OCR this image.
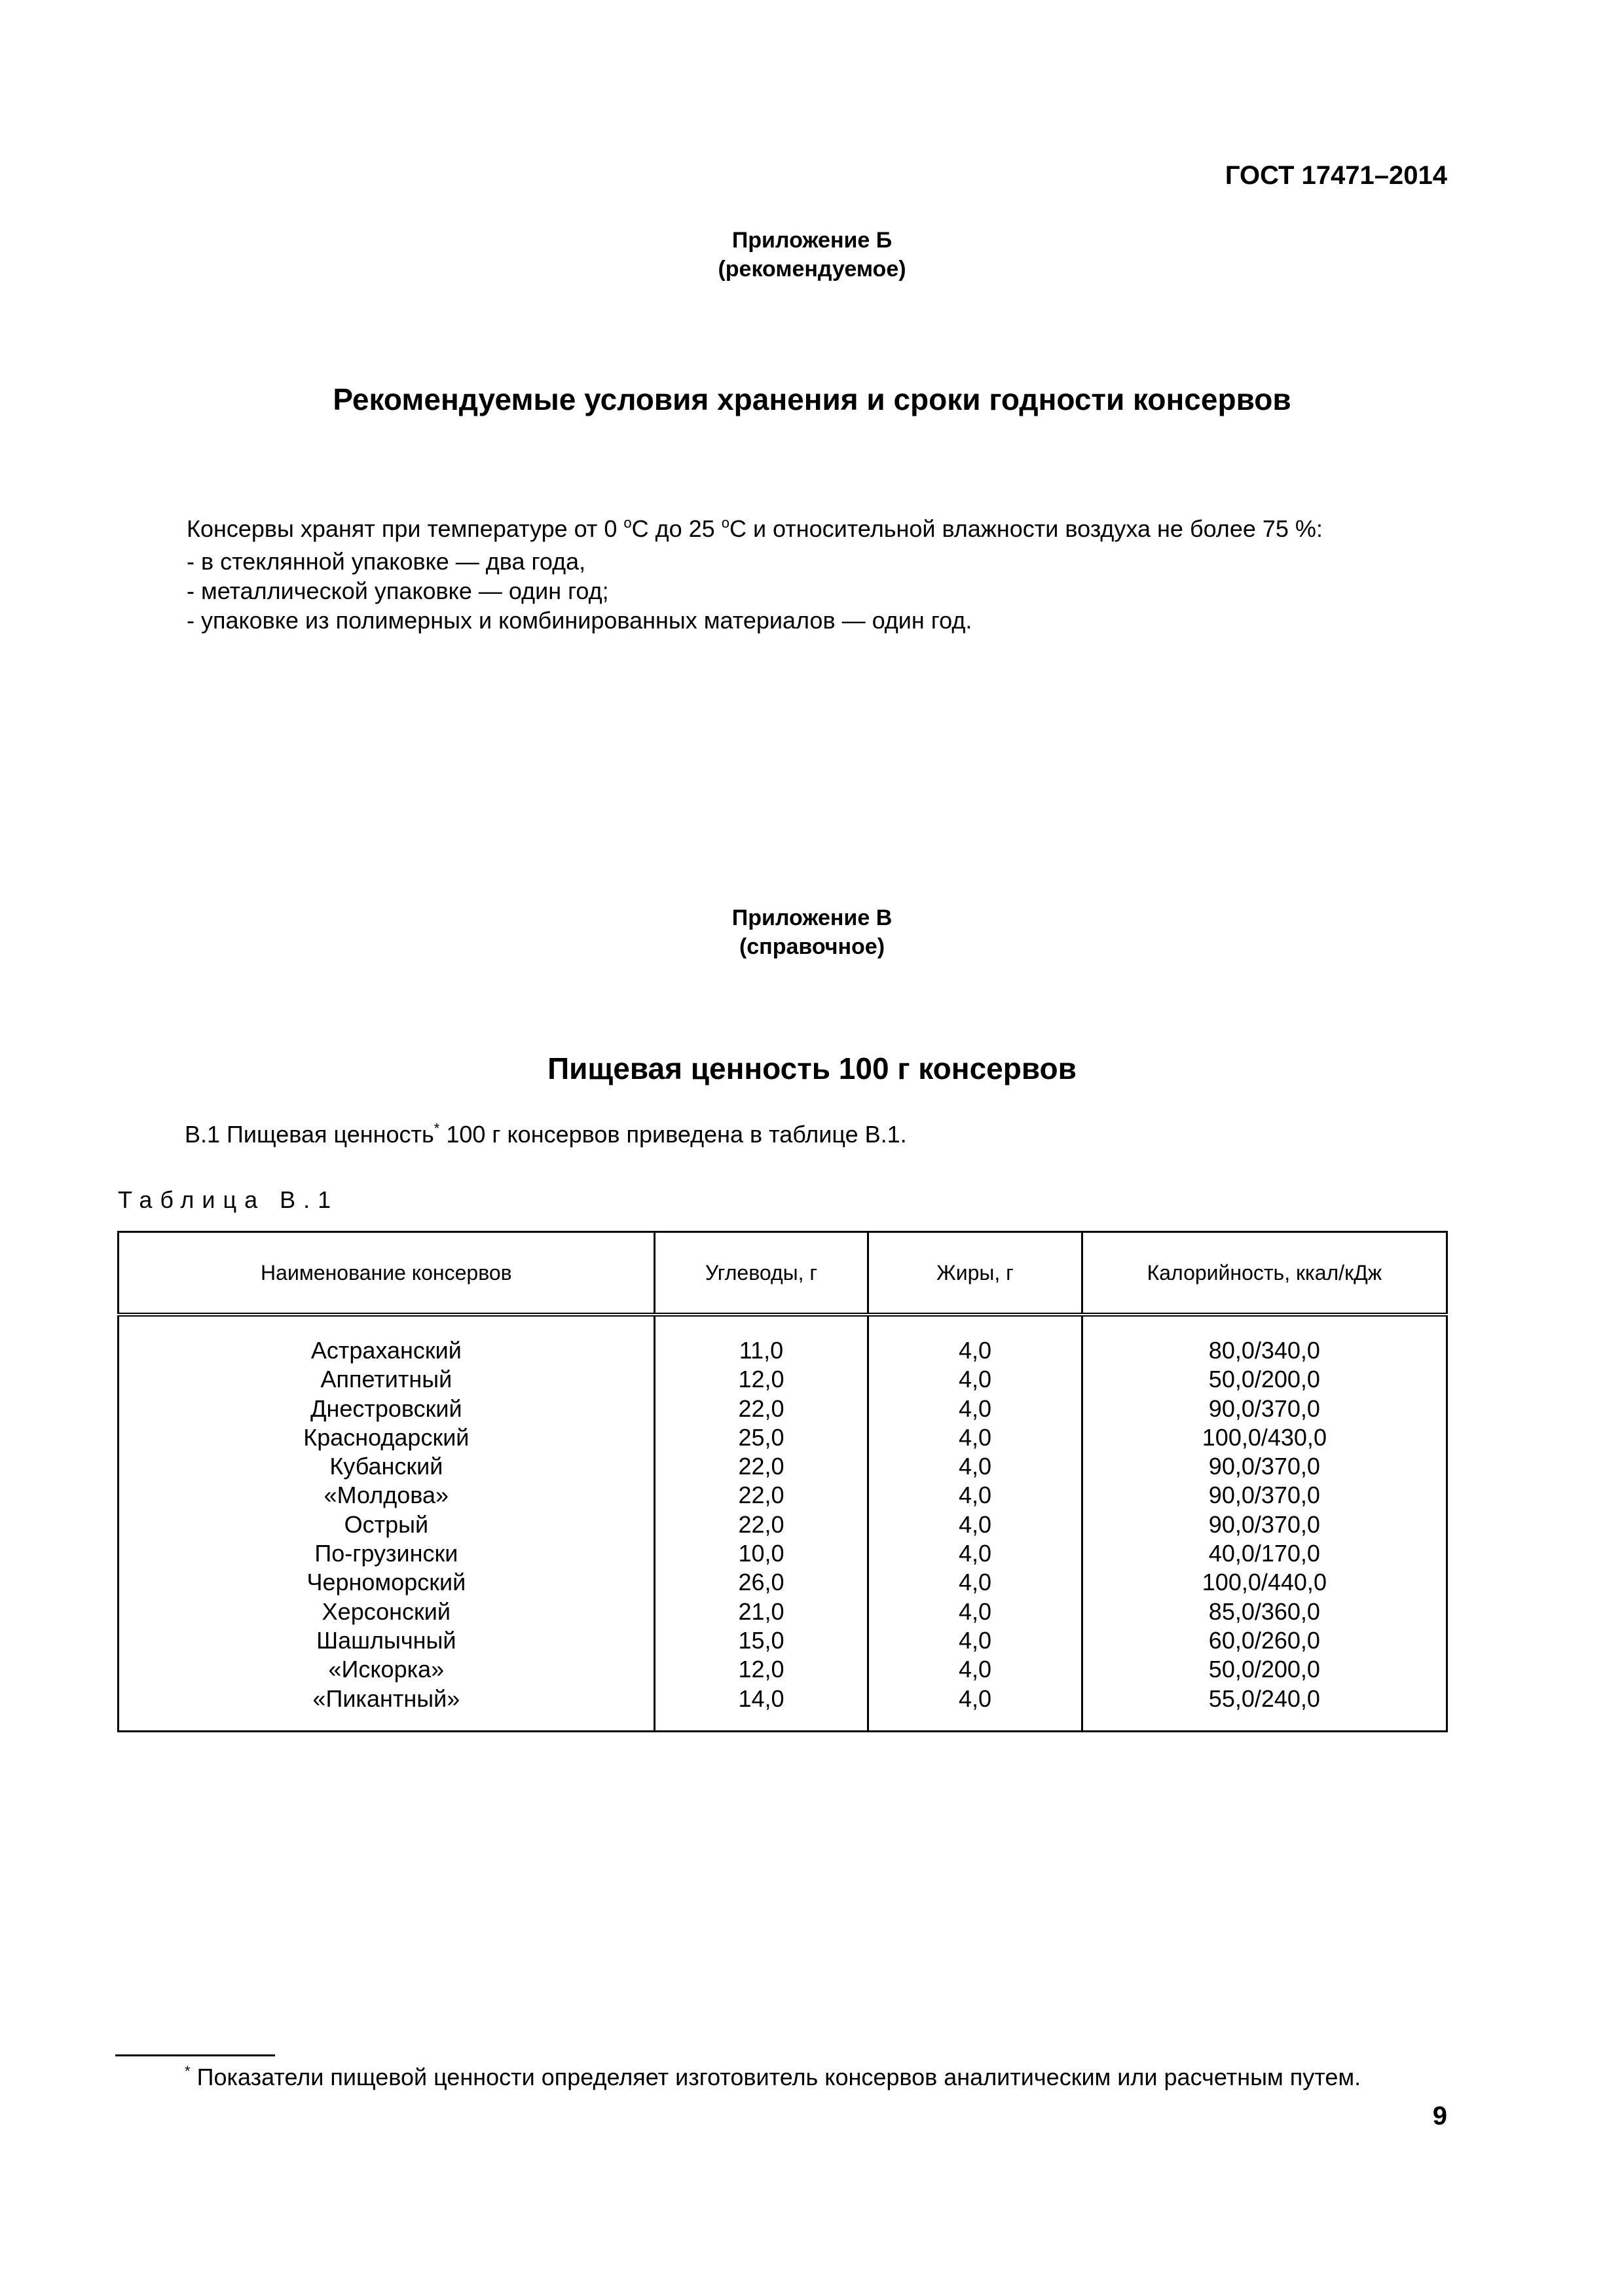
ГОСТ 17471–2014
Приложение Б
(рекомендуемое)
Рекомендуемые условия хранения и сроки годности консервов
Консервы хранят при температуре от 0 $^о$С до 25 $^о$С и относительной влажности воздуха не более 75 %:
- в стеклянной упаковке — два года,
- металлической упаковке — один год;
- упаковке из полимерных и комбинированных материалов — один год.
Приложение В
(справочное)
Пищевая ценность 100 г консервов
В.1 Пищевая ценность* 100 г консервов приведена в таблице В.1.
Таблица В.1
Наименование консервов	Углеводы, г	Жиры, г	Калорийность, ккал/кДж
Астраханский	11,0	4,0	80,0/340,0
Аппетитный	12,0	4,0	50,0/200,0
Днестровский	22,0	4,0	90,0/370,0
Краснодарский	25,0	4,0	100,0/430,0
Кубанский	22,0	4,0	90,0/370,0
«Молдова»	22,0	4,0	90,0/370,0
Острый	22,0	4,0	90,0/370,0
По-грузински	10,0	4,0	40,0/170,0
Черноморский	26,0	4,0	100,0/440,0
Херсонский	21,0	4,0	85,0/360,0
Шашлычный	15,0	4,0	60,0/260,0
«Искорка»	12,0	4,0	50,0/200,0
«Пикантный»	14,0	4,0	55,0/240,0
* Показатели пищевой ценности определяет изготовитель консервов аналитическим или расчетным путем.
9
